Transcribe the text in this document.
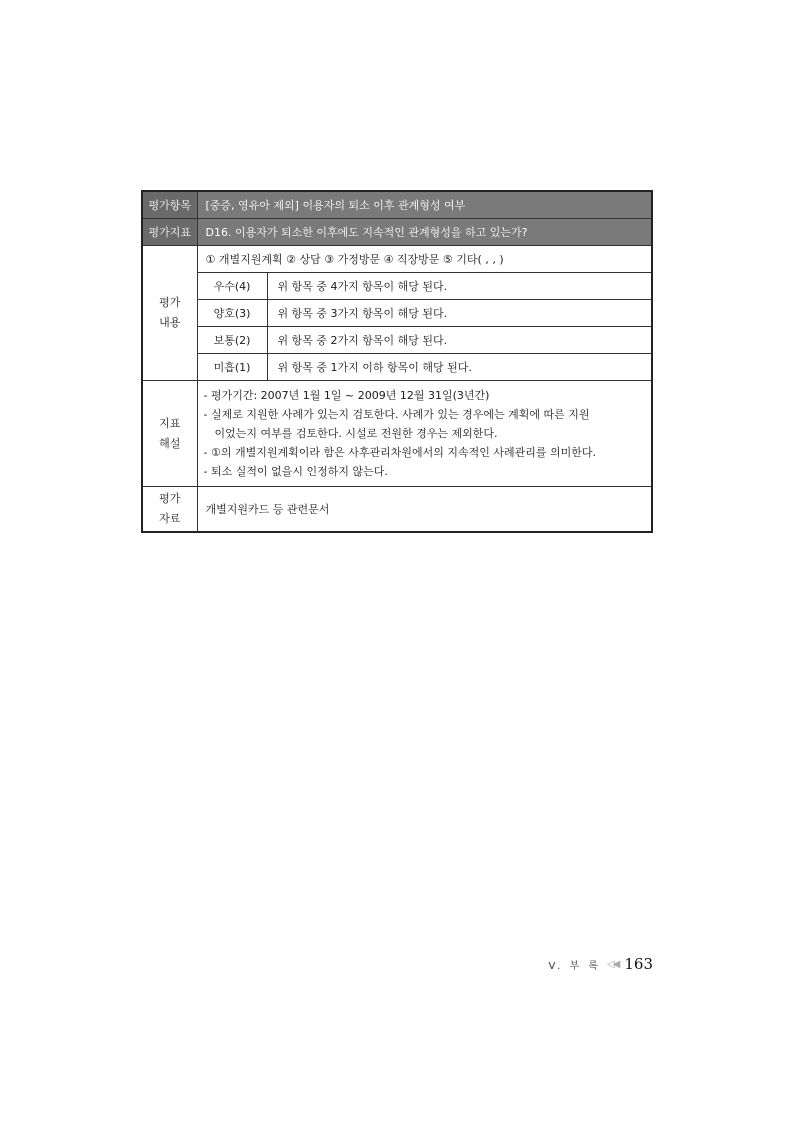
평가항목	[중증, 영유아 제외] 이용자의 퇴소 이후 관계형성 여부	
평가지표	D16. 이용자가 퇴소한 이후에도 지속적인 관계형성을 하고 있는가?	
평가
내용	① 개별지원계획 ② 상담 ③ 가정방문 ④ 직장방문 ⑤ 기타( , , )	
	우수(4)	위 항목 중 4가지 항목이 해당 된다.
	양호(3)	위 항목 중 3가지 항목이 해당 된다.
	보통(2)	위 항목 중 2가지 항목이 해당 된다.
	미흡(1)	위 항목 중 1가지 이하 항목이 해당 된다.
지표
해설	- 평가기간: 2007년 1월 1일 ~ 2009년 12월 31일(3년간)
- 실제로 지원한 사례가 있는지 검토한다. 사례가 있는 경우에는 계획에 따른 지원
이었는지 여부를 검토한다. 시설로 전원한 경우는 제외한다.
- ①의 개별지원계획이라 함은 사후관리차원에서의 지속적인 사례관리를 의미한다.
- 퇴소 실적이 없을시 인정하지 않는다.	

평가
자료	개별지원카드 등 관련문서	
V. 부 록 ◁◀ 163
